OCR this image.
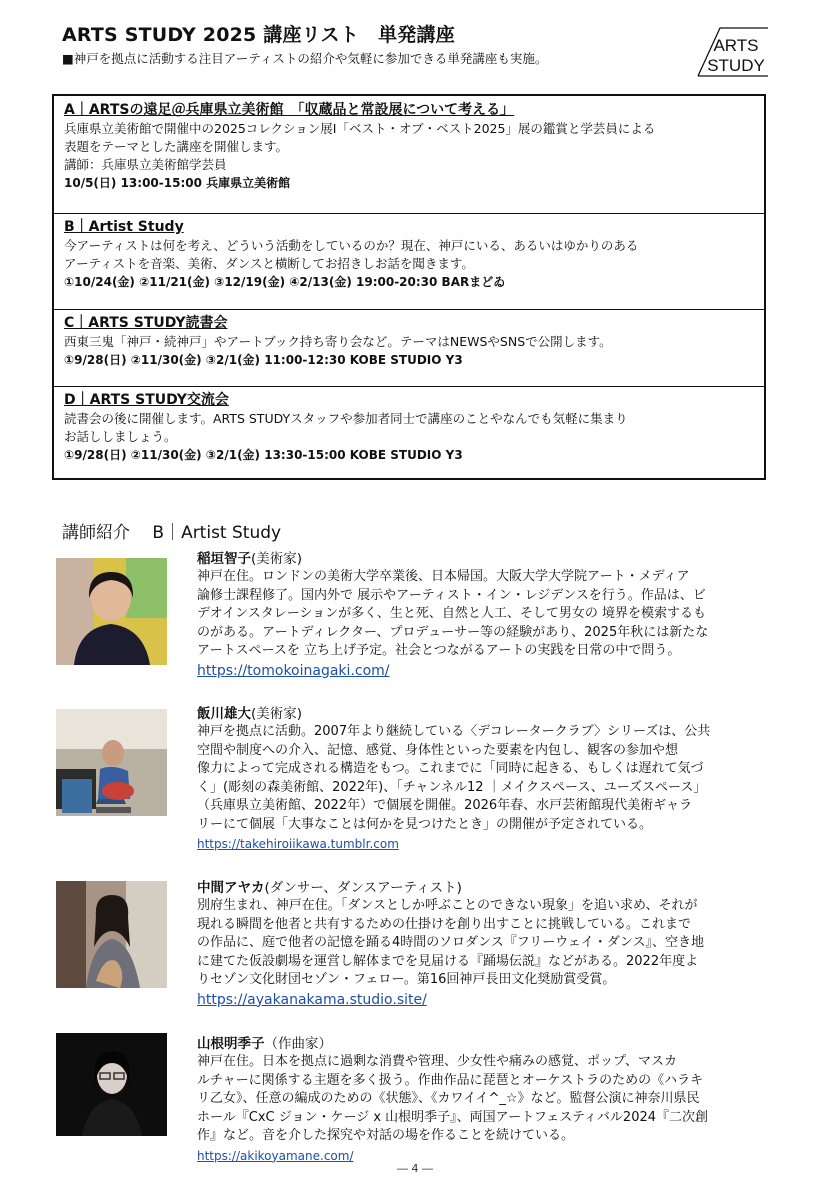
ARTS STUDY 2025 講座リスト　単発講座
■神戸を拠点に活動する注目アーティストの紹介や気軽に参加できる単発講座も実施。
ARTS
STUDY
A｜ARTSの遠足＠兵庫県立美術館　「収蔵品と常設展について考える」
兵庫県立美術館で開催中の2025コレクション展Ⅰ「ベスト・オブ・ベスト2025」展の鑑賞と学芸員による
表題をテーマとした講座を開催します。
講師：兵庫県立美術館学芸員
10/5(日) 13:00-15:00 兵庫県立美術館
B｜Artist Study
今アーティストは何を考え、どういう活動をしているのか？現在、神戸にいる、あるいはゆかりのある
アーティストを音楽、美術、ダンスと横断してお招きしお話を聞きます。
①10/24(金) ②11/21(金) ③12/19(金) ④2/13(金) 19:00-20:30 BARまどゐ
C｜ARTS STUDY読書会
西東三鬼「神戸・続神戸」やアートブック持ち寄り会など。テーマはNEWSやSNSで公開します。
①9/28(日) ②11/30(金) ③2/1(金) 11:00-12:30 KOBE STUDIO Y3
D｜ARTS STUDY交流会
読書会の後に開催します。ARTS STUDYスタッフや参加者同士で講座のことやなんでも気軽に集まり
お話ししましょう。
①9/28(日) ②11/30(金) ③2/1(金) 13:30-15:00 KOBE STUDIO Y3
講師紹介　 B｜Artist Study
稲垣智子(美術家)
神戸在住。ロンドンの美術大学卒業後、日本帰国。大阪大学大学院アート・メディア
論修士課程修了。国内外で 展示やアーティスト・イン・レジデンスを行う。作品は、ビ
デオインスタレーションが多く、生と死、自然と人工、そして男女の 境界を模索するも
のがある。アートディレクター、プロデューサー等の経験があり、2025年秋には新たな
アートスペースを 立ち上げ予定。社会とつながるアートの実践を日常の中で問う。
https://tomokoinagaki.com/
飯川雄大(美術家)
神戸を拠点に活動。2007年より継続している〈デコレータークラブ〉シリーズは、公共
空間や制度への介入、記憶、感覚、身体性といった要素を内包し、観客の参加や想
像力によって完成される構造をもつ。これまでに「同時に起きる、もしくは遅れて気づ
く」(彫刻の森美術館、2022年)、「チャンネル12 ｜メイクスペース、ユーズスペース」
（兵庫県立美術館、2022年）で個展を開催。2026年春、水戸芸術館現代美術ギャラ
リーにて個展「大事なことは何かを見つけたとき」の開催が予定されている。
https://takehiroiikawa.tumblr.com
中間アヤカ(ダンサー、ダンスアーティスト)
別府生まれ、神戸在住。「ダンスとしか呼ぶことのできない現象」を追い求め、それが
現れる瞬間を他者と共有するための仕掛けを創り出すことに挑戦している。これまで
の作品に、庭で他者の記憶を踊る4時間のソロダンス『フリーウェイ・ダンス』、空き地
に建てた仮設劇場を運営し解体までを見届ける『踊場伝説』などがある。2022年度よ
りセゾン文化財団セゾン・フェロー。第16回神戸長田文化奨励賞受賞。
https://ayakanakama.studio.site/
山根明季子（作曲家）
神戸在住。日本を拠点に過剰な消費や管理、少女性や痛みの感覚、ポップ、マスカ
ルチャーに関係する主題を多く扱う。作曲作品に琵琶とオーケストラのための《ハラキ
リ乙女》、任意の編成のための《状態》、《カワイイ^_☆》など。監督公演に神奈川県民
ホール『CxC ジョン・ケージ x 山根明季子』、両国アートフェスティバル2024『二次創
作』など。音を介した探究や対話の場を作ることを続けている。
https://akikoyamane.com/
― 4 ―
